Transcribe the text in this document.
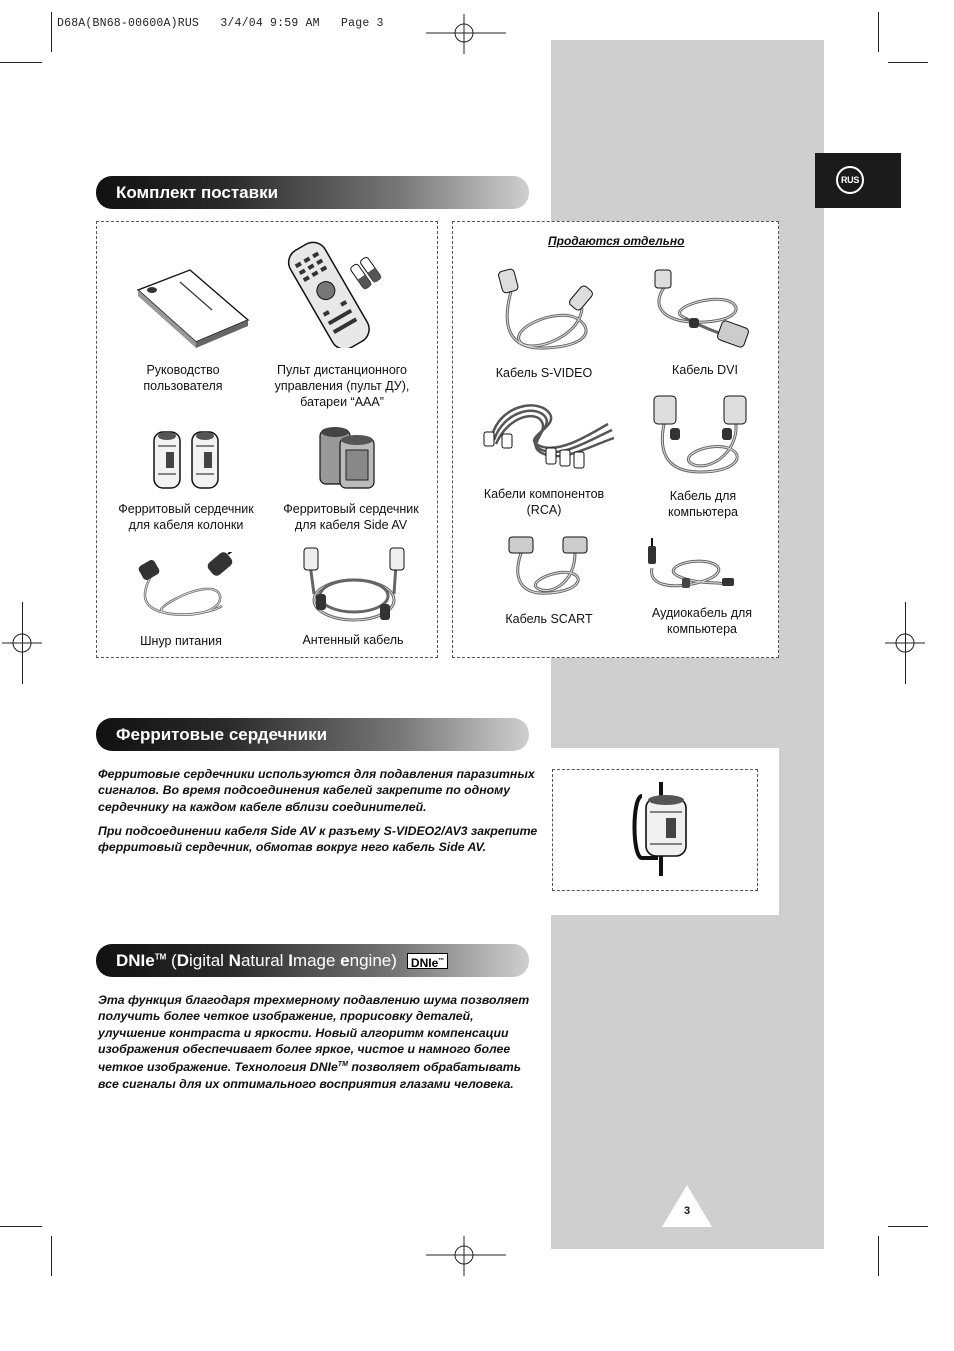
D68A(BN68-00600A)RUS   3/4/04 9:59 AM   Page 3
RUS
Комплект поставки
Руководство
пользователя
Пульт дистанционного
управления (пульт ДУ),
батареи “AAA”
Ферритовый сердечник
для кабеля колонки
Ферритовый сердечник
для кабеля Side AV
Шнур питания	Антенный кабель
Продаются отдельно
Кабель S-VIDEO	Кабель DVI
Кабели компонентов
(RCA)
Кабель для
компьютера
Кабель SCART	Аудиокабель для
компьютера
Ферритовые сердечники
Ферритовые сердечники используются для подавления паразитных сигналов. Во время подсоединения кабелей закрепите по одному сердечнику на каждом кабеле вблизи соединителей.
При подсоединении кабеля Side AV к разъему S-VIDEO2/AV3 закрепите ферритовый сердечник, обмотав вокруг него кабель Side AV.
DNIe™ (Digital Natural Image engine)	DNIe™
Эта функция благодаря трехмерному подавлению шума позволяет получить более четкое изображение, прорисовку деталей, улучшение контраста и яркости. Новый алгоритм компенсации изображения обеспечивает более яркое, чистое и намного более четкое изображение. Технология DNIe™ позволяет обрабатывать все сигналы для их оптимального восприятия глазами человека.
3
